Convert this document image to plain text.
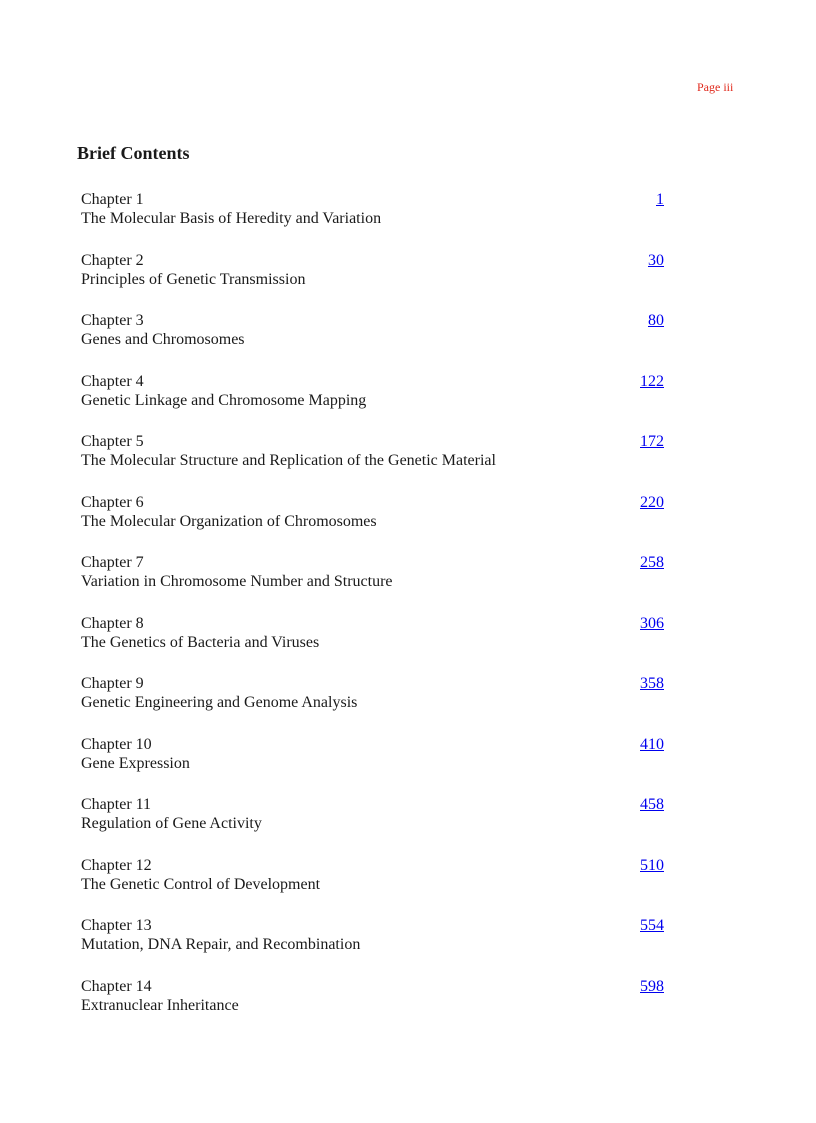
Page iii
Brief Contents
Chapter 1
The Molecular Basis of Heredity and Variation
1
Chapter 2
Principles of Genetic Transmission
30
Chapter 3
Genes and Chromosomes
80
Chapter 4
Genetic Linkage and Chromosome Mapping
122
Chapter 5
The Molecular Structure and Replication of the Genetic Material
172
Chapter 6
The Molecular Organization of Chromosomes
220
Chapter 7
Variation in Chromosome Number and Structure
258
Chapter 8
The Genetics of Bacteria and Viruses
306
Chapter 9
Genetic Engineering and Genome Analysis
358
Chapter 10
Gene Expression
410
Chapter 11
Regulation of Gene Activity
458
Chapter 12
The Genetic Control of Development
510
Chapter 13
Mutation, DNA Repair, and Recombination
554
Chapter 14
Extranuclear Inheritance
598
